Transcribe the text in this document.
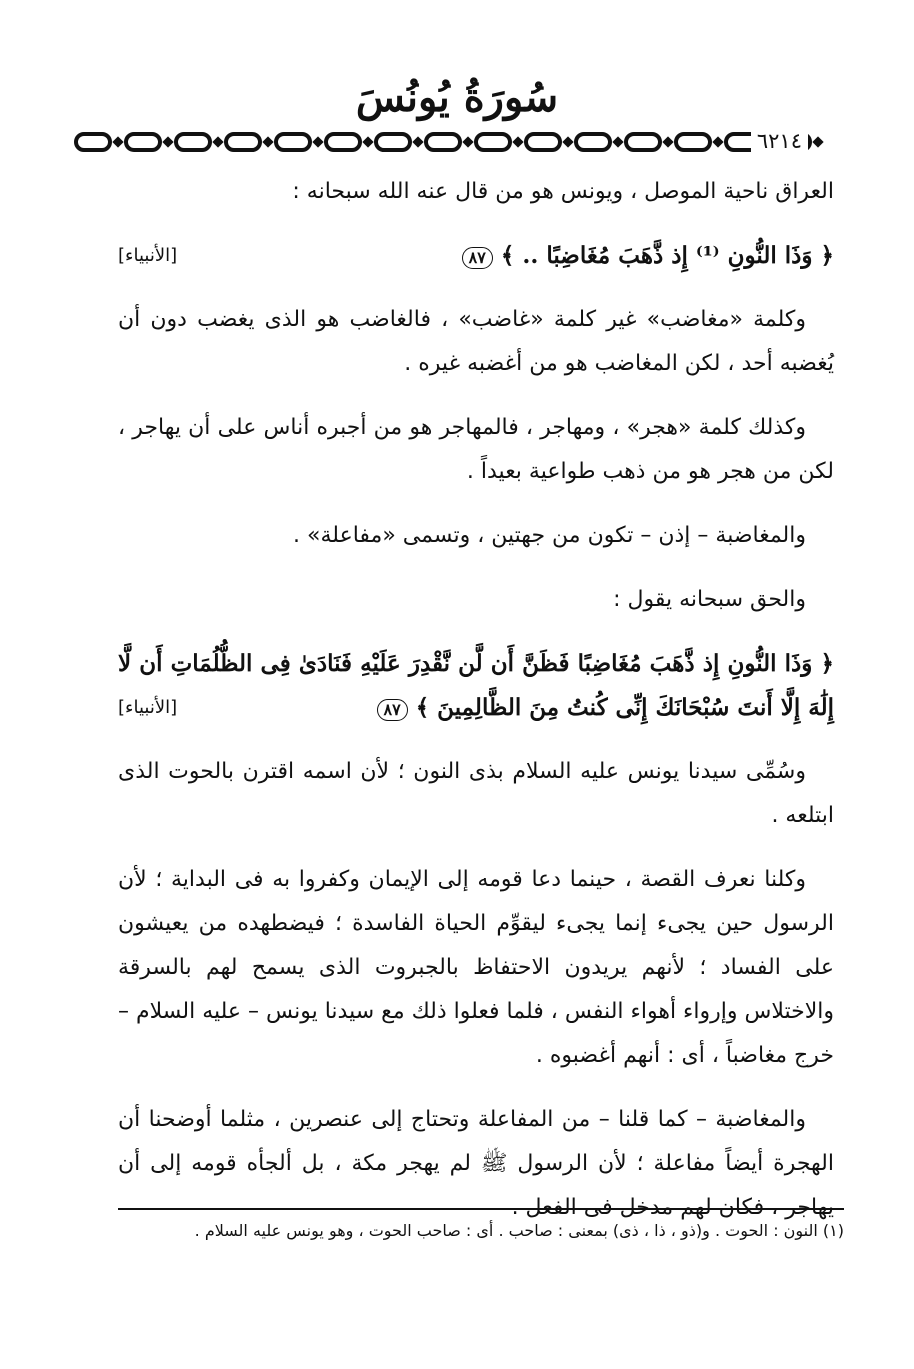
سُورَةُ يُونُسَ
٦٢١٤

العراق ناحية الموصل ، ويونس هو من قال عنه الله سبحانه :

﴿ وَذَا النُّونِ ⁽¹⁾ إِذ ذَّهَبَ مُغَاضِبًا .. ﴾ ٨٧
[الأنبياء]

وكلمة «مغاضب» غير كلمة «غاضب» ، فالغاضب هو الذى يغضب دون أن يُغضبه أحد ، لكن المغاضب هو من أغضبه غيره .

وكذلك كلمة «هجر» ، ومهاجر ، فالمهاجر هو من أجبره أناس على أن يهاجر ، لكن من هجر هو من ذهب طواعية بعيداً .

والمغاضبة – إذن – تكون من جهتين ، وتسمى «مفاعلة» .

والحق سبحانه يقول :

﴿ وَذَا النُّونِ إِذ ذَّهَبَ مُغَاضِبًا فَظَنَّ أَن لَّن نَّقْدِرَ عَلَيْهِ فَنَادَىٰ فِى الظُّلُمَاتِ أَن لَّا إِلَٰهَ إِلَّا أَنتَ سُبْحَانَكَ إِنِّى كُنتُ مِنَ الظَّالِمِينَ ﴾ ٨٧
[الأنبياء]

وسُمِّى سيدنا يونس عليه السلام بذى النون ؛ لأن اسمه اقترن بالحوت الذى ابتلعه .

وكلنا نعرف القصة ، حينما دعا قومه إلى الإيمان وكفروا به فى البداية ؛ لأن الرسول حين يجىء إنما يجىء ليقوِّم الحياة الفاسدة ؛ فيضطهده من يعيشون على الفساد ؛ لأنهم يريدون الاحتفاظ بالجبروت الذى يسمح لهم بالسرقة والاختلاس وإرواء أهواء النفس ، فلما فعلوا ذلك مع سيدنا يونس – عليه السلام – خرج مغاضباً ، أى : أنهم أغضبوه .

والمغاضبة – كما قلنا – من المفاعلة وتحتاج إلى عنصرين ، مثلما أوضحنا أن الهجرة أيضاً مفاعلة ؛ لأن الرسول ﷺ لم يهجر مكة ، بل ألجأه قومه إلى أن يهاجر ، فكان لهم مدخل فى الفعل .

(١) النون : الحوت . و(ذو ، ذا ، ذى) بمعنى : صاحب . أى : صاحب الحوت ، وهو يونس عليه السلام .
